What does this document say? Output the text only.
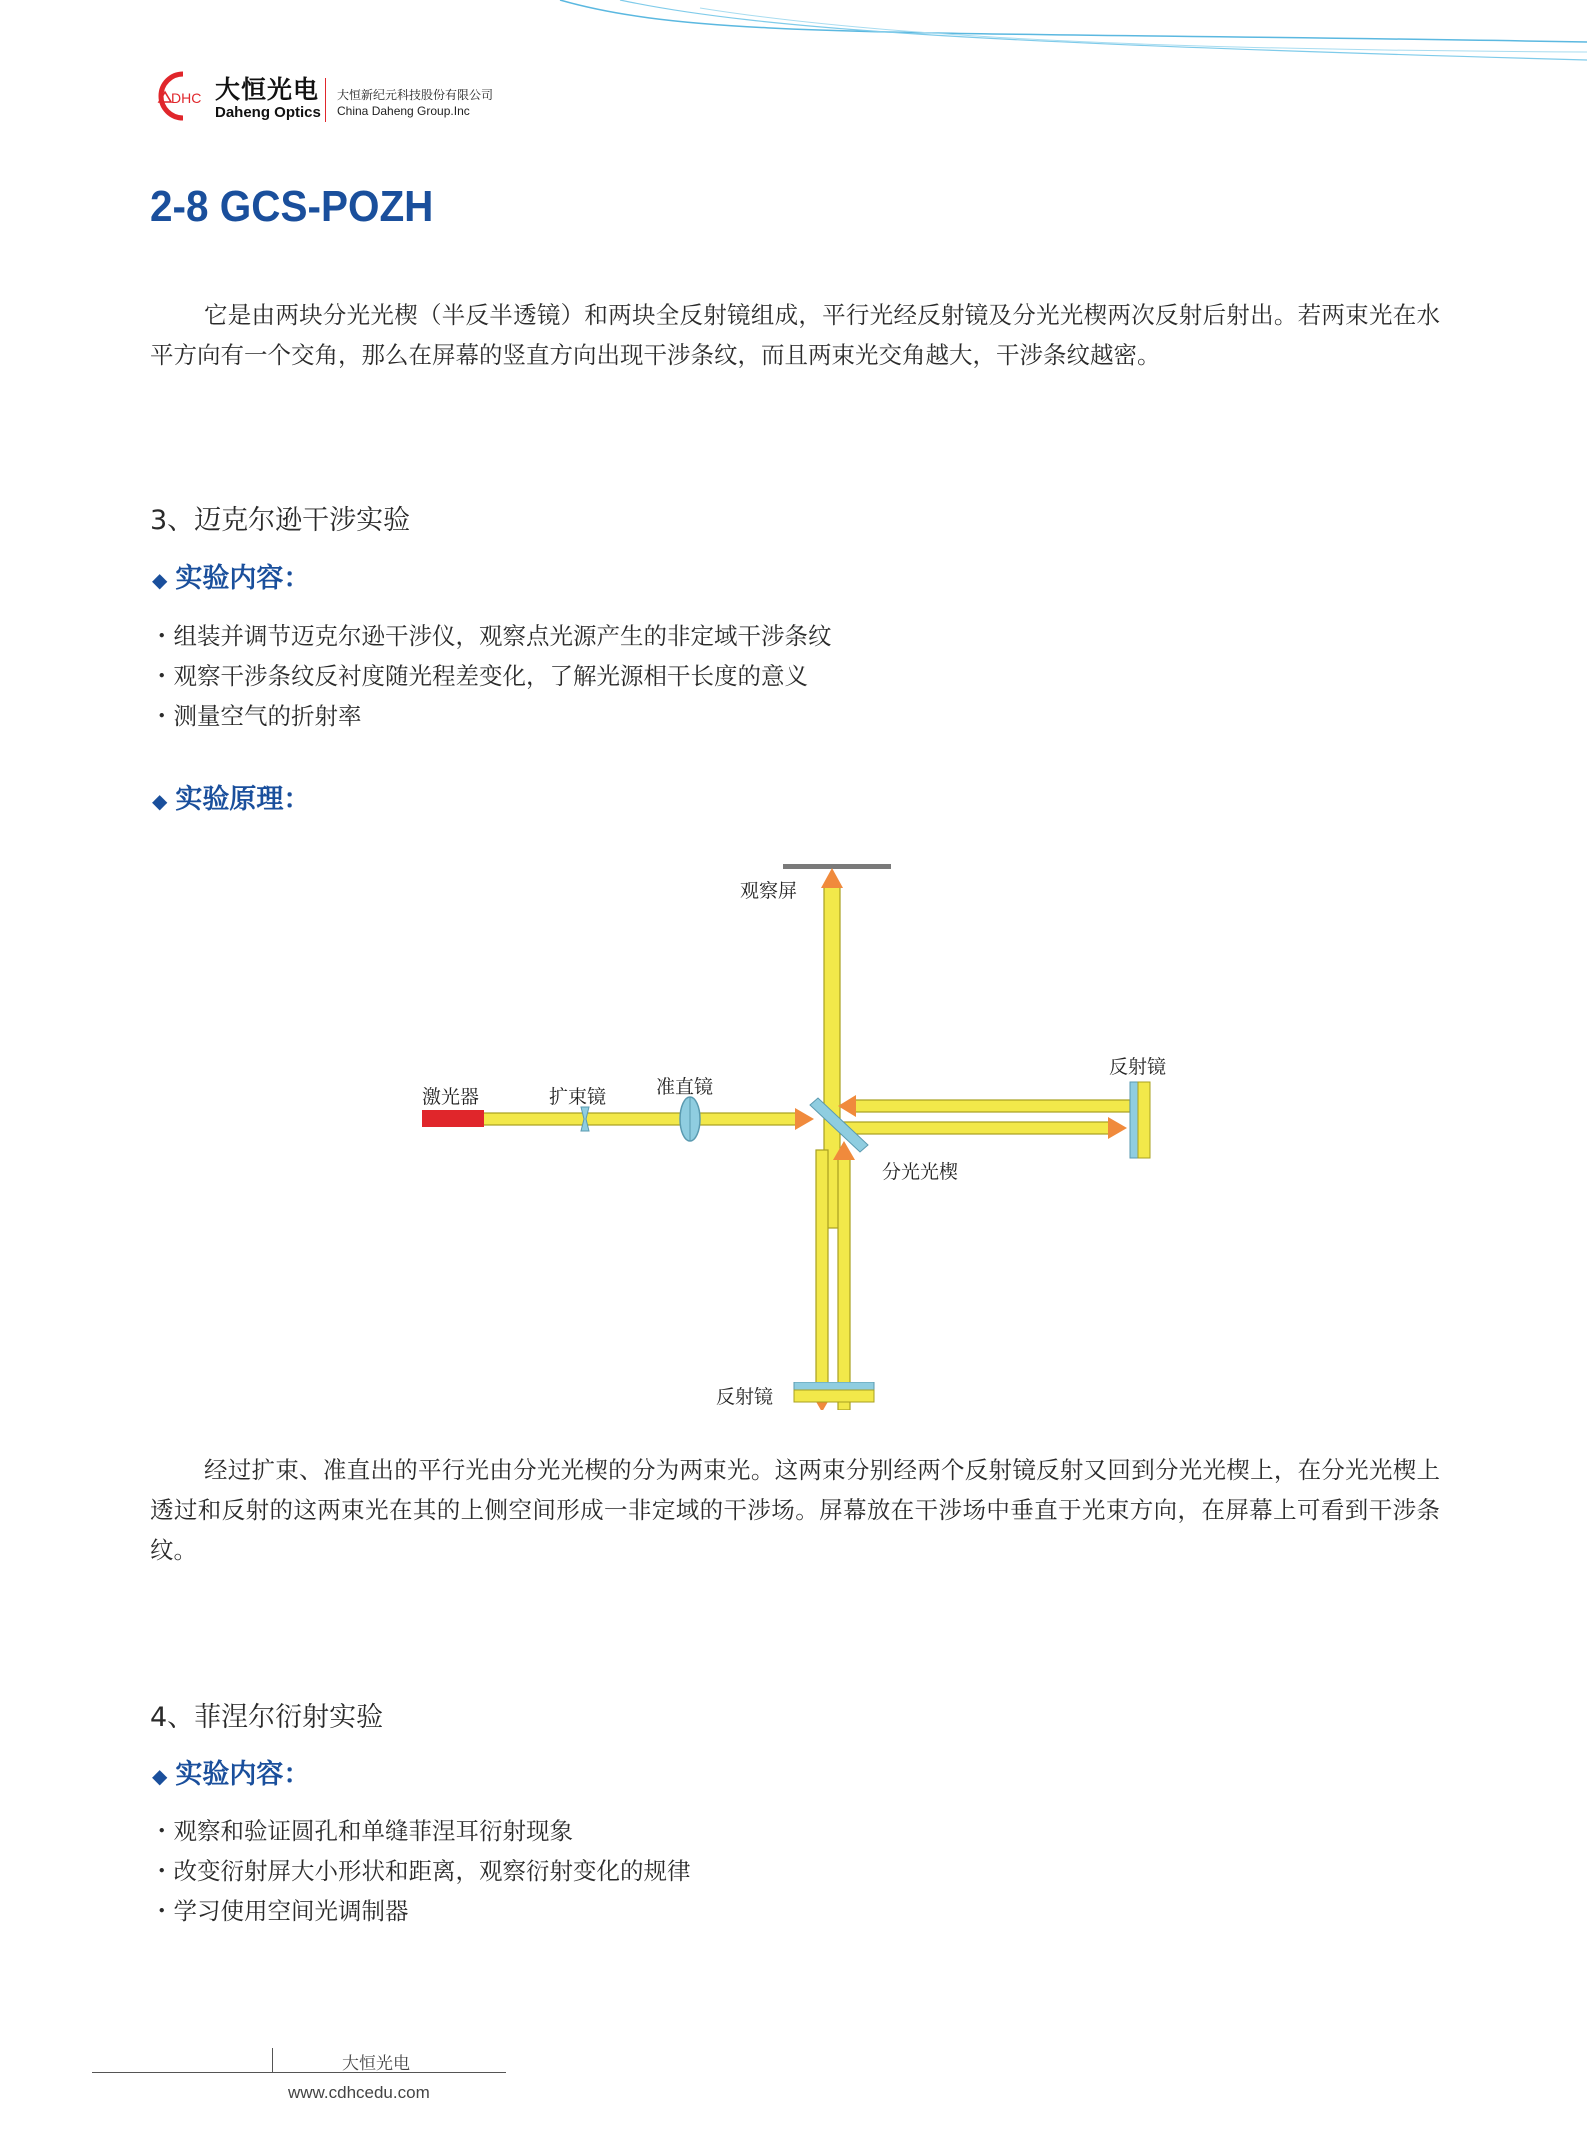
DHC 大恒光电
Daheng Optics
大恒新纪元科技股份有限公司
China Daheng Group.Inc
2-8 GCS-POZH
它是由两块分光光楔（半反半透镜）和两块全反射镜组成，平行光经反射镜及分光光楔两次反射后射出。若两束光在水平方向有一个交角，那么在屏幕的竖直方向出现干涉条纹，而且两束光交角越大，干涉条纹越密。
3、迈克尔逊干涉实验
◆ 实验内容：
・组装并调节迈克尔逊干涉仪，观察点光源产生的非定域干涉条纹
・观察干涉条纹反衬度随光程差变化，了解光源相干长度的意义
・测量空气的折射率
◆ 实验原理：
观察屏
激光器	扩束镜	准直镜
分光光楔
反射镜
反射镜
经过扩束、准直出的平行光由分光光楔的分为两束光。这两束分别经两个反射镜反射又回到分光光楔上，在分光光楔上透过和反射的这两束光在其的上侧空间形成一非定域的干涉场。屏幕放在干涉场中垂直于光束方向，在屏幕上可看到干涉条纹。
4、菲涅尔衍射实验
◆ 实验内容：
・观察和验证圆孔和单缝菲涅耳衍射现象
・改变衍射屏大小形状和距离，观察衍射变化的规律
・学习使用空间光调制器
大恒光电
www.cdhcedu.com
